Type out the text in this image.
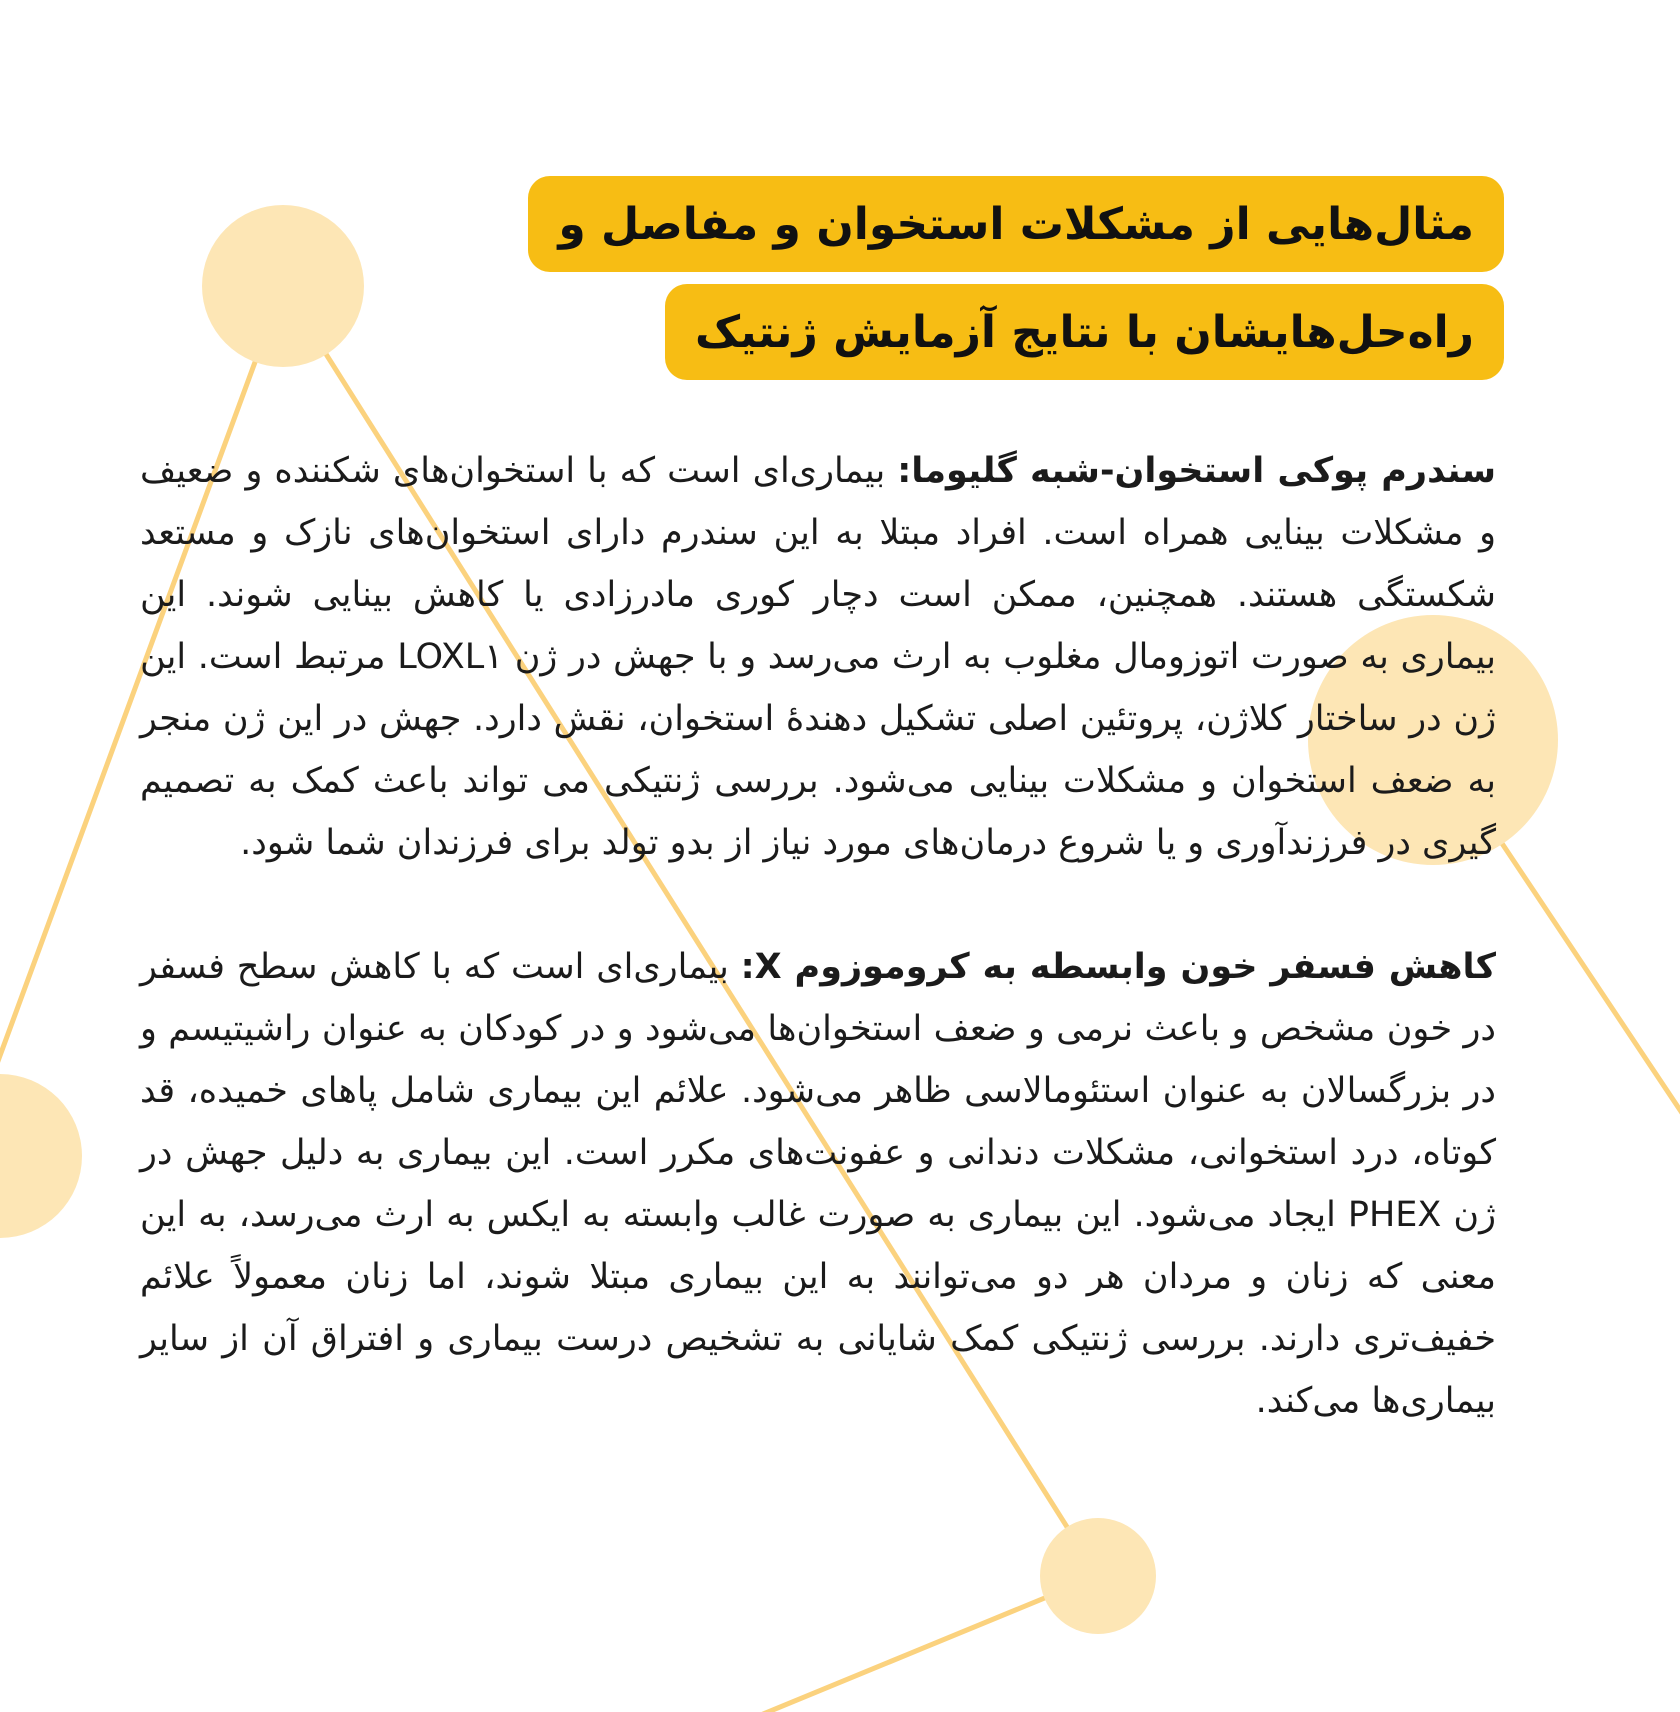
مثال‌هایی از مشکلات استخوان و مفاصل و
راه‌حل‌هایشان با نتایج آزمایش ژنتیک

سندرم پوکی استخوان-شبه گلیوما: بیماری‌ای است که با استخوان‌های شکننده و ضعیف و مشکلات بینایی همراه است. افراد مبتلا به این سندرم دارای استخوان‌های نازک و مستعد شکستگی هستند. همچنین، ممکن است دچار کوری مادرزادی یا کاهش بینایی شوند. این بیماری به صورت اتوزومال مغلوب به ارث می‌رسد و با جهش در ژن LOXL۱ مرتبط است. این ژن در ساختار کلاژن، پروتئین اصلی تشکیل دهندۀ استخوان، نقش دارد. جهش در این ژن منجر به ضعف استخوان و مشکلات بینایی می‌شود. بررسی ژنتیکی می تواند باعث کمک به تصمیم گیری در فرزندآوری و یا شروع درمان‌های مورد نیاز از بدو تولد برای فرزندان شما شود.

کاهش فسفر خون وابسطه به کروموزوم X: بیماری‌ای است که با کاهش سطح فسفر در خون مشخص و باعث نرمی و ضعف استخوان‌ها می‌شود و در کودکان به عنوان راشیتیسم و در بزرگسالان به عنوان استئومالاسی ظاهر می‌شود. علائم این بیماری شامل پاهای خمیده، قد کوتاه، درد استخوانی، مشکلات دندانی و عفونت‌های مکرر است. این بیماری به دلیل جهش در ژن PHEX ایجاد می‌شود. این بیماری به صورت غالب وابسته به ایکس به ارث می‌رسد، به این معنی که زنان و مردان هر دو می‌توانند به این بیماری مبتلا شوند، اما زنان معمولاً علائم خفیف‌تری دارند. بررسی ژنتیکی کمک شایانی به تشخیص درست بیماری و افتراق آن از سایر بیماری‌ها می‌کند.
